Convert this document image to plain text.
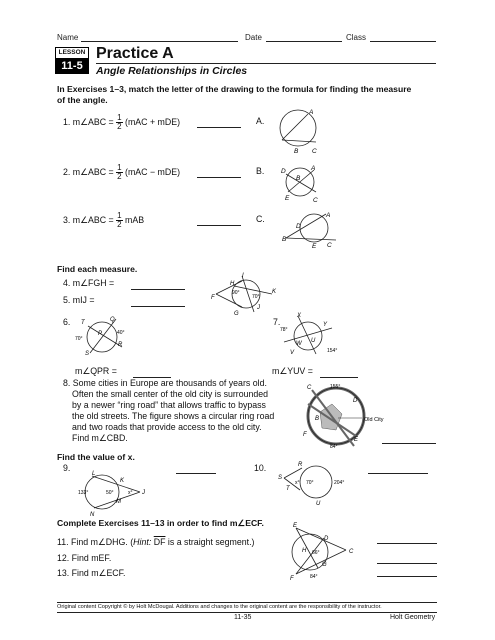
Name	Date	Class
LESSON
11-5
Practice A
Angle Relationships in Circles
In Exercises 1–3, match the letter of the drawing to the formula for finding the measure of the angle.
1. m∠ABC = $\frac{1}{2} (mAC + mDE)$	A.
2. m∠ABC = $\frac{1}{2} (mAC - mDE)$	B.
3. m∠ABC = $\frac{1}{2}$ mAB	C.
A
B C
A
B
C
D
E
A
B
C
D
E
Find each measure.
4. m∠FGH =
5. mIJ =	F
G
H
I
J
K
90°
70°
6.	Q
P
R
S
T
40°
70°
7.
X
Y
U
W
V
78°
154°
m∠QPR =	m∠YUV =
8. Some cities in Europe are thousands of years old.
Often the small center of the old city is surrounded
by a newer “ring road” that allows traffic to bypass
the old streets. The figure shows a circular ring road
and two roads that provide access to the old city.
Find m∠CBD.
C
D
B
F
E
155°
84°
Old City
Find the value of x.
9.
L
K
J
N
M
133°	50°	x°
10.	R
S
T
U
x° 70°	204°
Complete Exercises 11–13 in order to find m∠ECF.
11. Find m∠DHG. (Hint: $\overline{DF}$ is a straight segment.)
12. Find mEF.
13. Find m∠ECF.
E
D
H
G
F
C
66°
84°
Original content Copyright © by Holt McDougal. Additions and changes to the original content are the responsibility of the instructor.
11-35	Holt Geometry
